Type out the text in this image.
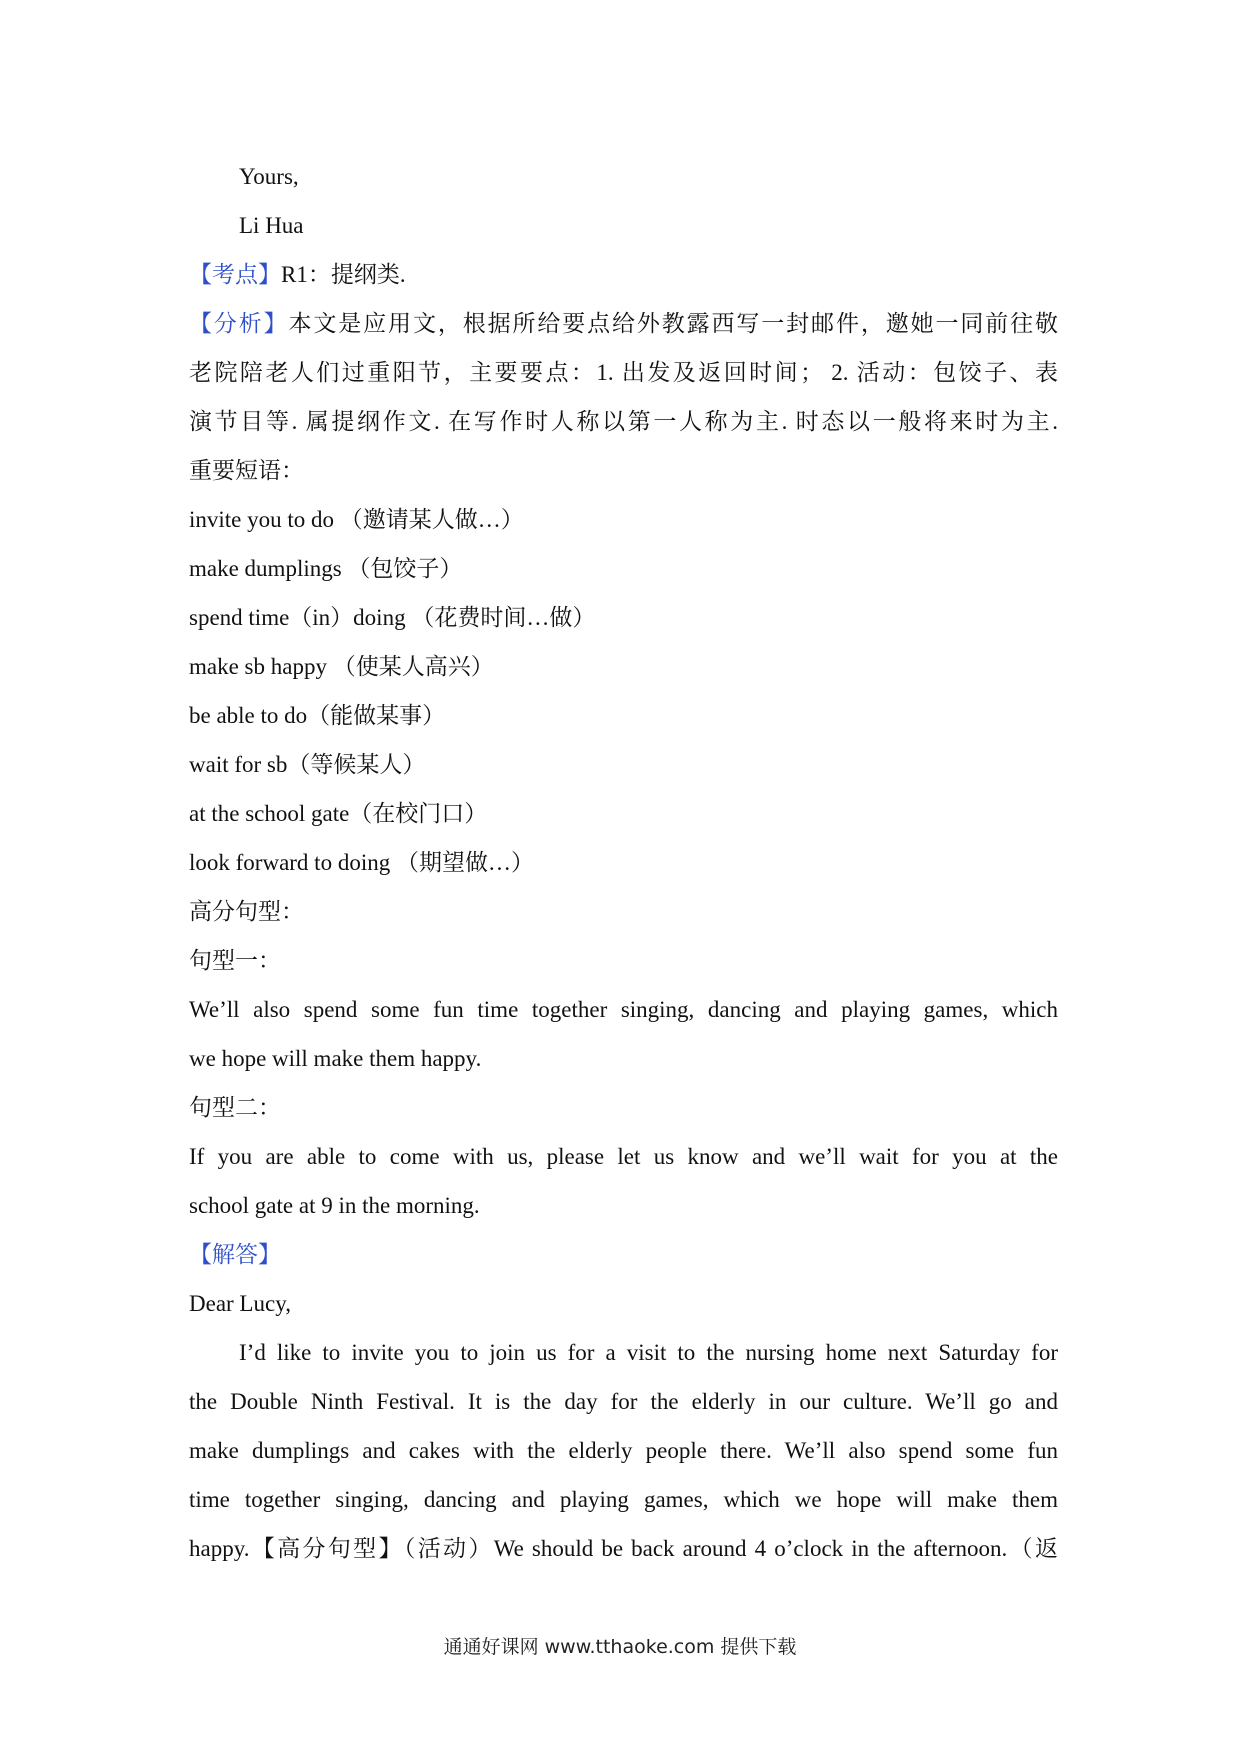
Yours,
Li Hua
【考点】R1：提纲类.
【分析】本文是应用文，根据所给要点给外教露西写一封邮件，邀她一同前往敬
老院陪老人们过重阳节，主要要点：1. 出发及返回时间； 2. 活动：包饺子、表
演节目等. 属提纲作文. 在写作时人称以第一人称为主. 时态以一般将来时为主.
重要短语：
invite you to do （邀请某人做…）
make dumplings （包饺子）
spend time（in）doing （花费时间…做）
make sb happy （使某人高兴）
be able to do（能做某事）
wait for sb（等候某人）
at the school gate（在校门口）
look forward to doing （期望做…）
高分句型：
句型一：
We’ll also spend some fun time together singing, dancing and playing games, which
we hope will make them happy.
句型二：
If you are able to come with us, please let us know and we’ll wait for you at the
school gate at 9 in the morning.
【解答】
Dear Lucy,
I’d like to invite you to join us for a visit to the nursing home next Saturday for
the Double Ninth Festival. It is the day for the elderly in our culture. We’ll go and
make dumplings and cakes with the elderly people there. We’ll also spend some fun
time together singing, dancing and playing games, which we hope will make them
happy.【高分句型】（活动）We should be back around 4 o’clock in the afternoon.（返
通通好课网 www.tthaoke.com 提供下载
